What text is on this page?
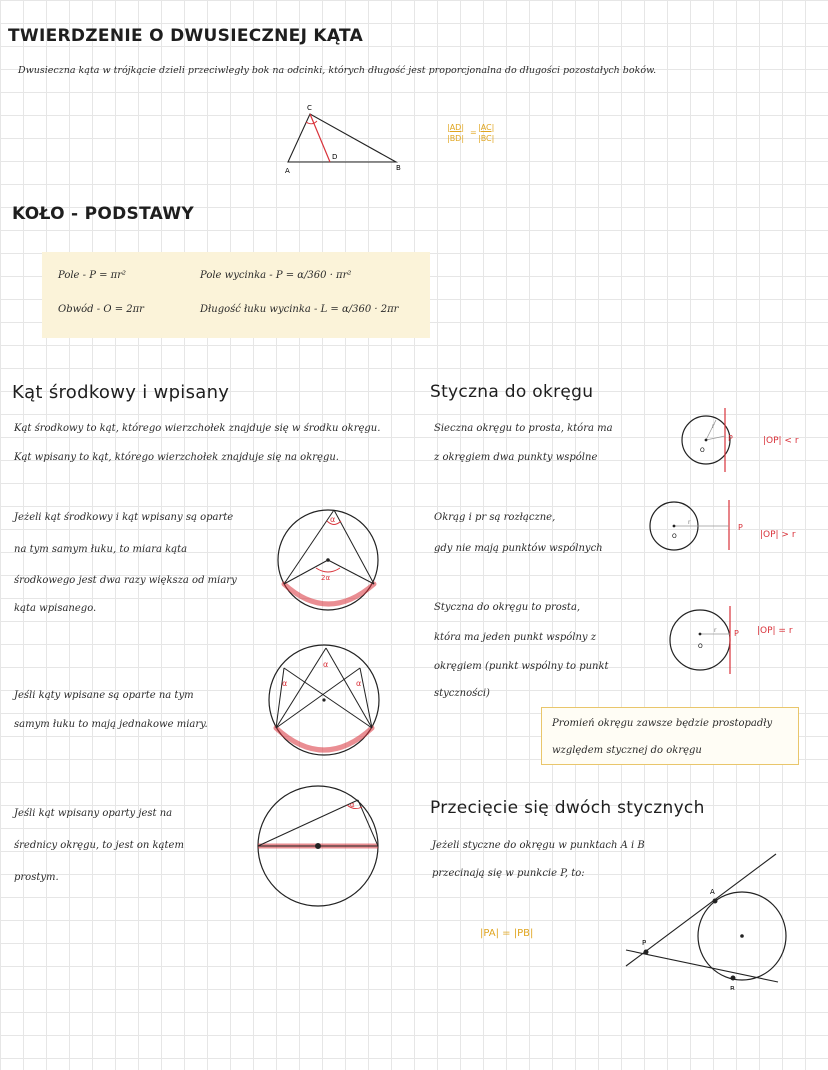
TWIERDZENIE O DWUSIECZNEJ KĄTA
Dwusieczna kąta w trójkącie dzieli przeciwległy bok na odcinki, których długość jest proporcjonalna do długości pozostałych boków.
C
A	B
D
|AD|
|BD|
=
|AC|
|BC|
KOŁO - PODSTAWY
Pole - P = πr²
Obwód - O = 2πr
Pole wycinka - P = α/360 · πr²
Długość łuku wycinka - L = α/360 · 2πr
Kąt środkowy i wpisany
Kąt środkowy to kąt, którego wierzchołek znajduje się w środku okręgu.
Kąt wpisany to kąt, którego wierzchołek znajduje się na okręgu.
Jeżeli kąt środkowy i kąt wpisany są oparte
na tym samym łuku, to miara kąta
środkowego jest dwa razy większa od miary
kąta wpisanego.
α
2α
Jeśli kąty wpisane są oparte na tym
samym łuku to mają jednakowe miary.
α
α
α
Jeśli kąt wpisany oparty jest na
średnicy okręgu, to jest on kątem
prostym.
α
Styczna do okręgu
Sieczna okręgu to prosta, która ma
z okręgiem dwa punkty wspólne
O
P
r
|OP| < r
Okrąg i pr są rozłączne,
gdy nie mają punktów wspólnych
O
r
P
|OP| > r
Styczna do okręgu to prosta,
która ma jeden punkt wspólny z
okręgiem (punkt wspólny to punkt
styczności)
O
r P |OP| = r
Promień okręgu zawsze będzie prostopadły
względem stycznej do okręgu
Przecięcie się dwóch stycznych
Jeżeli styczne do okręgu w punktach A i B
przecinają się w punkcie P, to:
|PA| = |PB|
A
B
P
